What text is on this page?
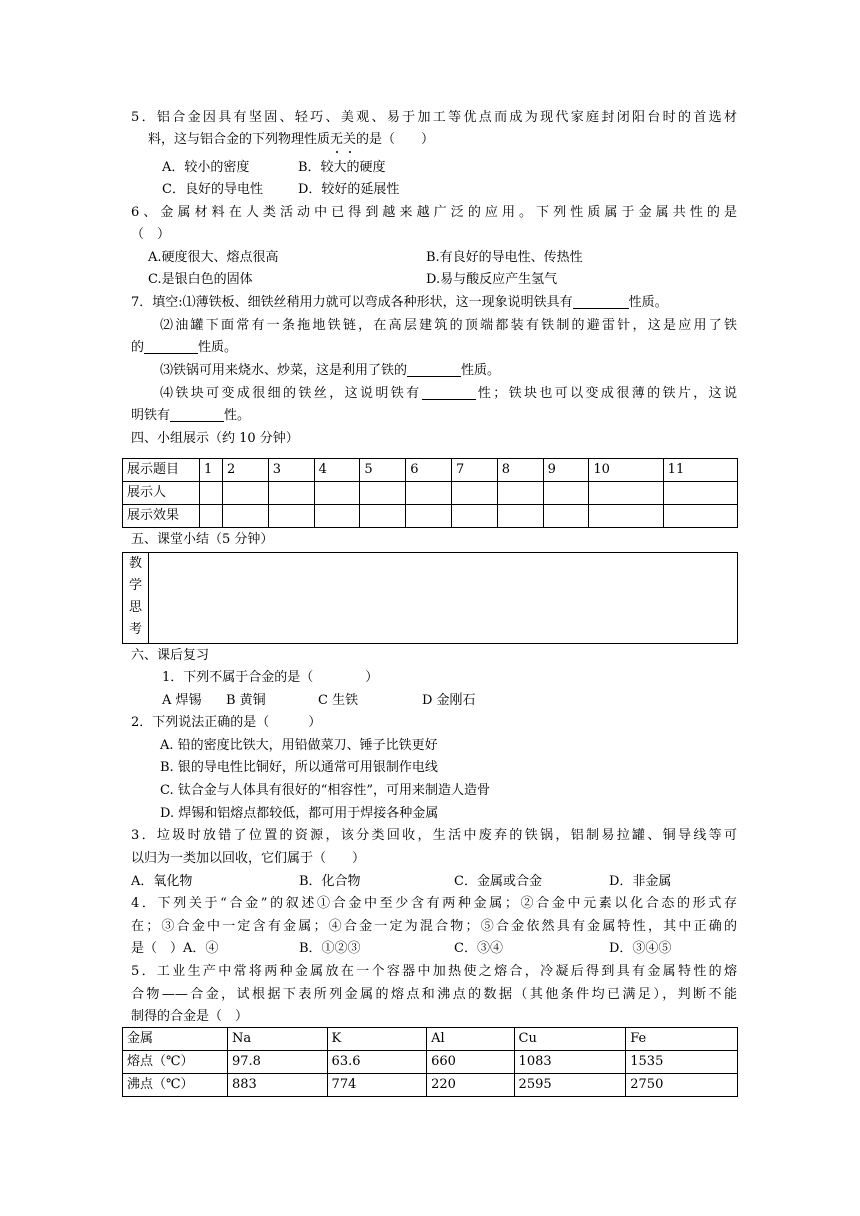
5．铝合金因具有坚固、轻巧、美观、易于加工等优点而成为现代家庭封闭阳台时的首选材
料，这与铝合金的下列物理性质无关的是（　　）
A．较小的密度	B．较大的硬度
C．良好的导电性	D．较好的延展性
6、金属材料在人类活动中已得到越来越广泛的应用。下列性质属于金属共性的是
（　）
A.硬度很大、熔点很高	B.有良好的导电性、传热性
C.是银白色的固体	D.易与酸反应产生氢气
7．填空:⑴薄铁板、细铁丝稍用力就可以弯成各种形状，这一现象说明铁具有	性质。
⑵油罐下面常有一条拖地铁链，在高层建筑的顶端都装有铁制的避雷针，这是应用了铁
的	性质。
⑶铁锅可用来烧水、炒菜，这是利用了铁的	性质。
⑷铁块可变成很细的铁丝，这说明铁有	性；铁块也可以变成很薄的铁片，这说
明铁有	性。
四、小组展示（约 10 分钟）
展示题目	1	2	3	4	5	6	7	8	9	10	11
展示人											
展示效果											
五、课堂小结（5 分钟）
教
学
思
考
六、课后复习
1．下列不属于合金的是（　　　　）
A 焊锡 B 黄铜	C 生铁	D 金刚石
2．下列说法正确的是（　　　）
A. 铅的密度比铁大，用铅做菜刀、锤子比铁更好
B. 银的导电性比铜好，所以通常可用银制作电线
C. 钛合金与人体具有很好的“相容性”，可用来制造人造骨
D. 焊锡和铝熔点都较低，都可用于焊接各种金属
3．垃圾时放错了位置的资源，该分类回收，生活中废弃的铁锅，铝制易拉罐、铜导线等可
以归为一类加以回收，它们属于（　　）
A．氧化物	B．化合物	C．金属或合金	D．非金属
4．下列关于“合金”的叙述①合金中至少含有两种金属；②合金中元素以化合态的形式存
在；③合金中一定含有金属；④合金一定为混合物；⑤合金依然具有金属特性，其中正确的
是（　）A．④	B．①②③	C．③④	D．③④⑤
5．工业生产中常将两种金属放在一个容器中加热使之熔合，冷凝后得到具有金属特性的熔
合物——合金，试根据下表所列金属的熔点和沸点的数据（其他条件均已满足），判断不能
制得的合金是（　）
金属	Na	K	Al	Cu	Fe
熔点（℃）	97.8	63.6	660	1083	1535
沸点（℃）	883	774	220	2595	2750
